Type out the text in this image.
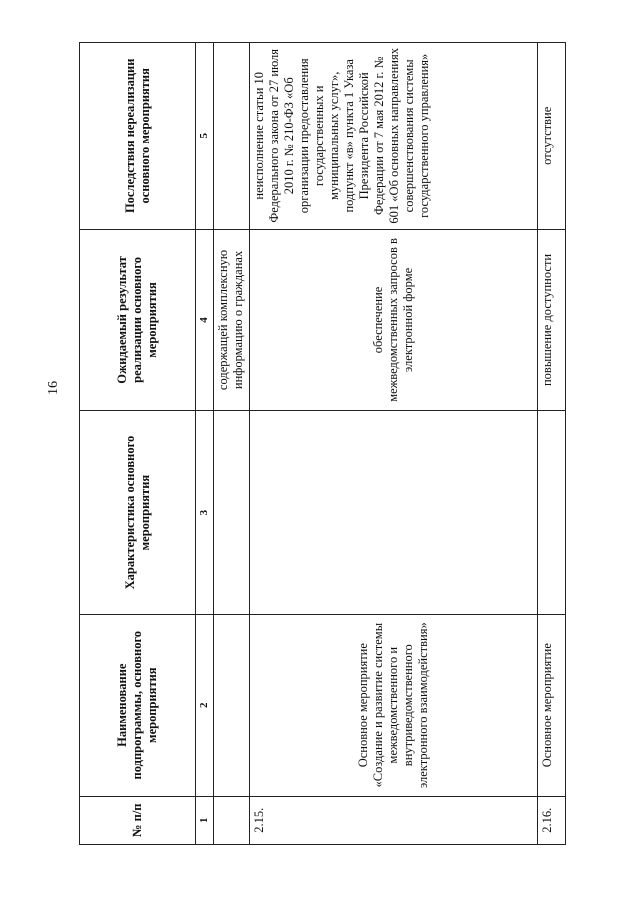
16
№ п/п	Наименование подпрограммы, основного мероприятия	Характеристика основного мероприятия	Ожидаемый результат реализации основного мероприятия	Последствия нереализации основного мероприятия
1	2	3	4	5
			содержащей комплексную информацию о гражданах	
2.15.	Основное мероприятие «Создание и развитие системы межведомственного и внутриведомственного электронного взаимодействия»		обеспечение межведомственных запросов в электронной форме	неисполнение статьи 10 Федерального закона от 27 июля 2010 г. № 210-ФЗ «Об организации предоставления государственных и муниципальных услуг», подпункт «в» пункта 1 Указа Президента Российской Федерации от 7 мая 2012 г. № 601 «Об основных направлениях совершенствования системы государственного управления»
2.16.	Основное мероприятие		повышение доступности	отсутствие
